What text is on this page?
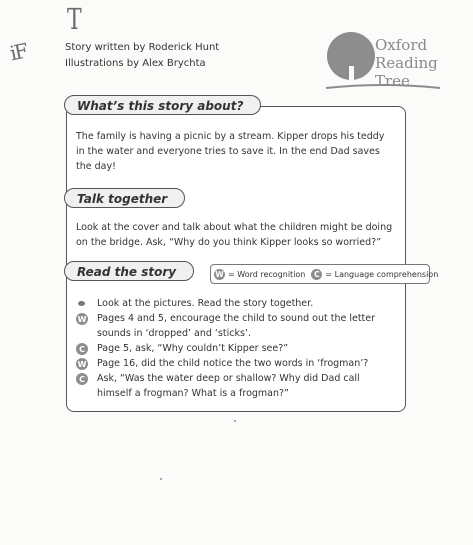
T
iF	Story written by Roderick Hunt
Illustrations by Alex Brychta
Oxford
Reading
Tree
What’s this story about?
The family is having a picnic by a stream. Kipper drops his teddy in the water and everyone tries to save it. In the end Dad saves the day!
Talk together
Look at the cover and talk about what the children might be doing on the bridge. Ask, “Why do you think Kipper looks so worried?”
Read the story	W = Word recognition	C = Language comprehension
Look at the pictures. Read the story together.
W Pages 4 and 5, encourage the child to sound out the letter sounds in ‘dropped’ and ‘sticks’.
C	Page 5, ask, “Why couldn’t Kipper see?”
W Page 16, did the child notice the two words in ‘frogman’?
C	Ask, “Was the water deep or shallow? Why did Dad call himself a frogman? What is a frogman?”
